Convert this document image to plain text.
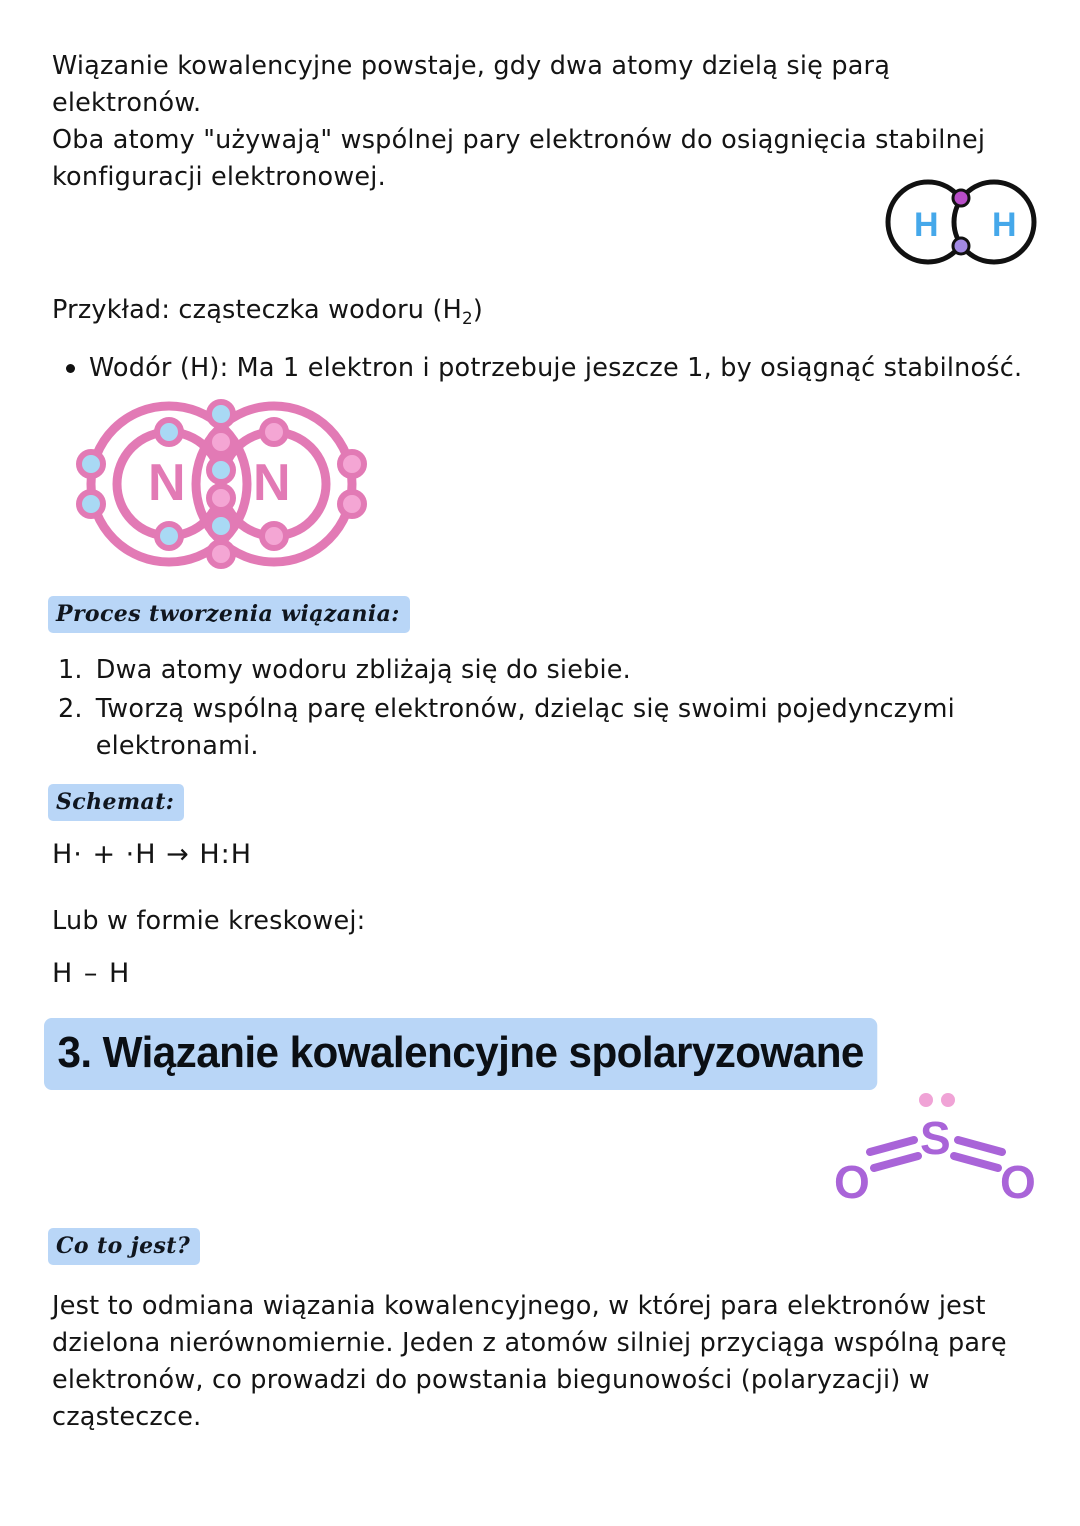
Wiązanie kowalencyjne powstaje, gdy dwa atomy dzielą się parą elektronów.

Oba atomy "używają" wspólnej pary elektronów do osiągnięcia stabilnej

konfiguracji elektronowej.

H H
Przykład: cząsteczka wodoru $(H_2)$
Wodór (H): Ma 1 elektron i potrzebuje jeszcze 1, by osiągnąć stabilność.
N N
Proces tworzenia wiązania:
1. Dwa atomy wodoru zbliżają się do siebie.
2. Tworzą wspólną parę elektronów, dzieląc się swoimi pojedynczymi elektronami.
Schemat:
H· + ·H → H:H
Lub w formie kreskowej:
H – H
3. Wiązanie kowalencyjne spolaryzowane
S
O	O
Co to jest?

Jest to odmiana wiązania kowalencyjnego, w której para elektronów jest

dzielona nierównomiernie. Jeden z atomów silniej przyciąga wspólną parę

elektronów, co prowadzi do powstania biegunowości (polaryzacji) w cząsteczce.
